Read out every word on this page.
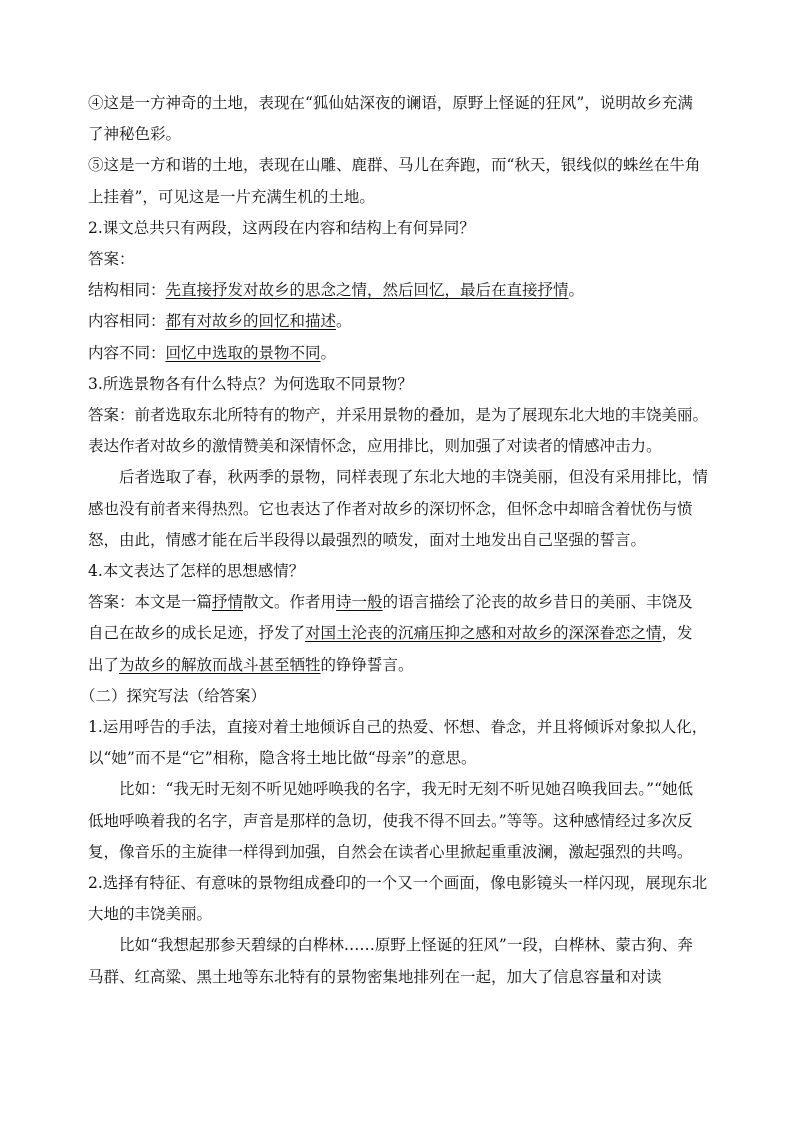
④这是一方神奇的土地，表现在“狐仙姑深夜的谰语，原野上怪诞的狂风”，说明故乡充满了神秘色彩。

⑤这是一方和谐的土地，表现在山雕、鹿群、马儿在奔跑，而“秋天，银线似的蛛丝在牛角上挂着”，可见这是一片充满生机的土地。

2.课文总共只有两段，这两段在内容和结构上有何异同？

答案：

结构相同：先直接抒发对故乡的思念之情，然后回忆，最后在直接抒情。

内容相同：都有对故乡的回忆和描述。

内容不同：回忆中选取的景物不同。

3.所选景物各有什么特点？为何选取不同景物？

答案：前者选取东北所特有的物产，并采用景物的叠加，是为了展现东北大地的丰饶美丽。表达作者对故乡的激情赞美和深情怀念，应用排比，则加强了对读者的情感冲击力。

后者选取了春，秋两季的景物，同样表现了东北大地的丰饶美丽，但没有采用排比，情感也没有前者来得热烈。它也表达了作者对故乡的深切怀念，但怀念中却暗含着忧伤与愤怒，由此，情感才能在后半段得以最强烈的喷发，面对土地发出自己坚强的誓言。

4.本文表达了怎样的思想感情？

答案：本文是一篇抒情散文。作者用诗一般的语言描绘了沦丧的故乡昔日的美丽、丰饶及自己在故乡的成长足迹，抒发了对国土沦丧的沉痛压抑之感和对故乡的深深眷恋之情，发出了为故乡的解放而战斗甚至牺牲的铮铮誓言。

（二）探究写法（给答案）

1.运用呼告的手法，直接对着土地倾诉自己的热爱、怀想、眷念，并且将倾诉对象拟人化，以“她”而不是“它”相称，隐含将土地比做“母亲”的意思。

比如：“我无时无刻不听见她呼唤我的名字，我无时无刻不听见她召唤我回去。”“她低低地呼唤着我的名字，声音是那样的急切，使我不得不回去。”等等。这种感情经过多次反复，像音乐的主旋律一样得到加强，自然会在读者心里掀起重重波澜，激起强烈的共鸣。

2.选择有特征、有意味的景物组成叠印的一个又一个画面，像电影镜头一样闪现，展现东北大地的丰饶美丽。

比如“我想起那参天碧绿的白桦林……原野上怪诞的狂风”一段，白桦林、蒙古狗、奔马群、红高粱、黑土地等东北特有的景物密集地排列在一起，加大了信息容量和对读
